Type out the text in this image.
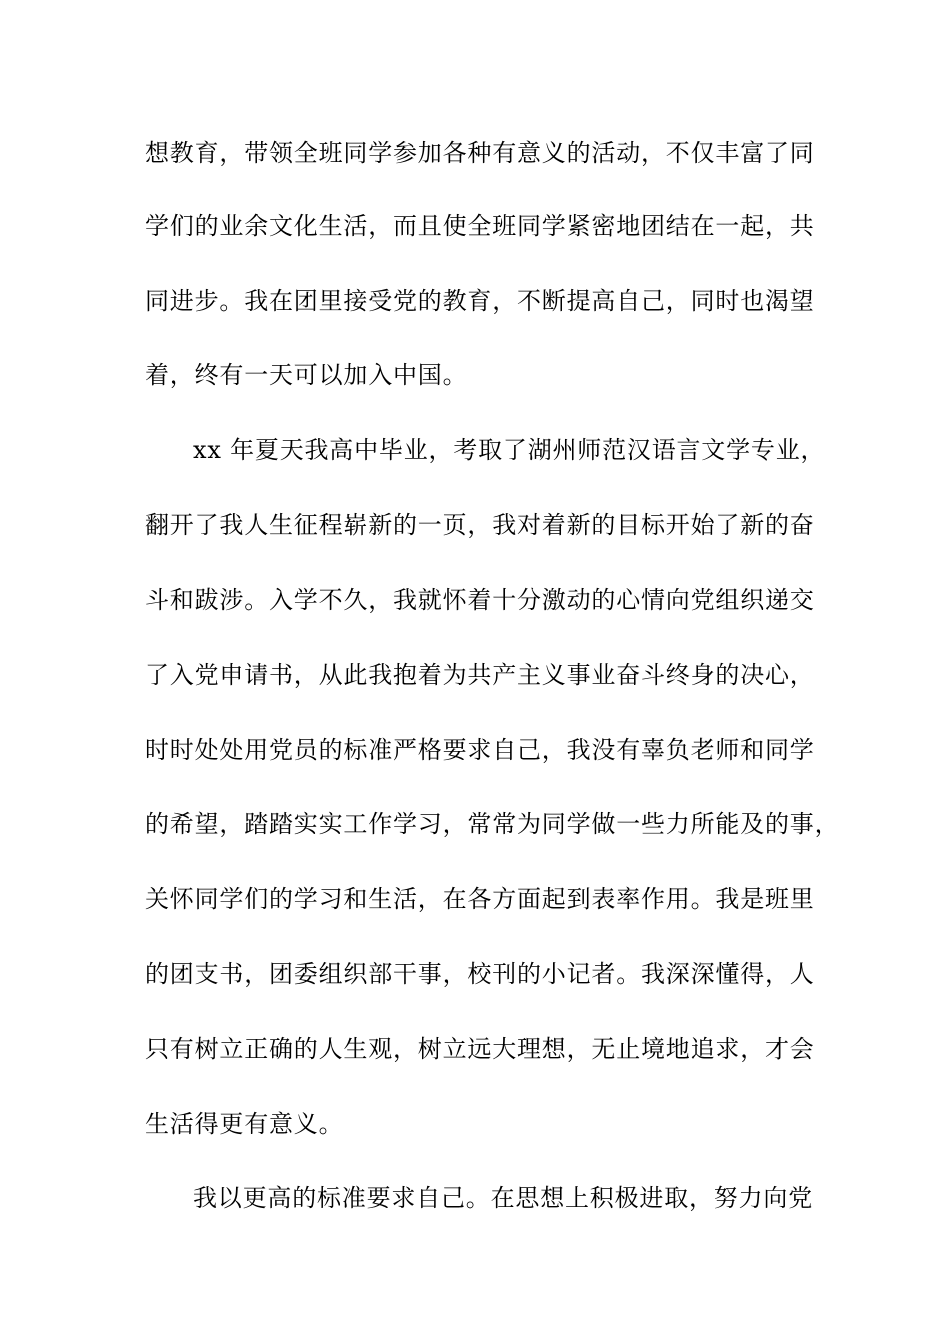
想教育，带领全班同学参加各种有意义的活动，不仅丰富了同
学们的业余文化生活，而且使全班同学紧密地团结在一起，共
同进步。我在团里接受党的教育，不断提高自己，同时也渴望
着，终有一天可以加入中国。
xx 年夏天我高中毕业，考取了湖州师范汉语言文学专业，
翻开了我人生征程崭新的一页，我对着新的目标开始了新的奋
斗和跋涉。入学不久，我就怀着十分激动的心情向党组织递交
了入党申请书，从此我抱着为共产主义事业奋斗终身的决心，
时时处处用党员的标准严格要求自己，我没有辜负老师和同学
的希望，踏踏实实工作学习，常常为同学做一些力所能及的事，
关怀同学们的学习和生活，在各方面起到表率作用。我是班里
的团支书，团委组织部干事，校刊的小记者。我深深懂得，人
只有树立正确的人生观，树立远大理想，无止境地追求，才会
生活得更有意义。
我以更高的标准要求自己。在思想上积极进取，努力向党
